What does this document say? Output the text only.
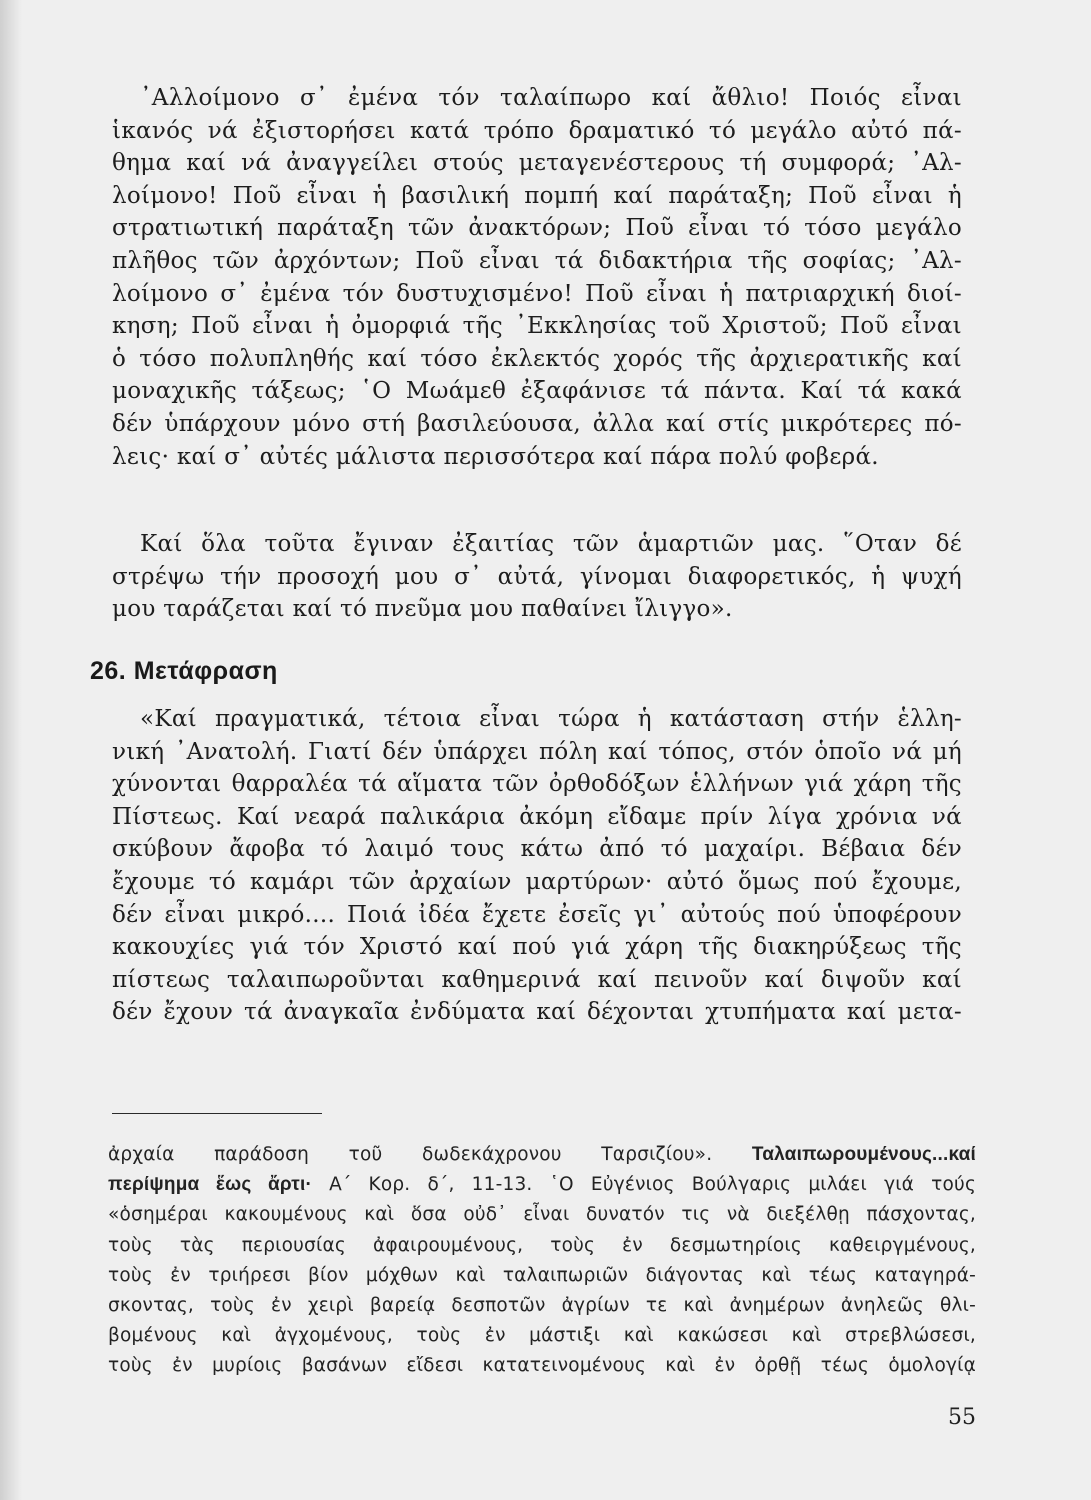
᾿Αλλοίμονο σ᾿ ἐμένα τόν ταλαίπωρο καί ἄθλιο! Ποιός εἶναι
ἱκανός νά ἐξιστορήσει κατά τρόπο δραματικό τό μεγάλο αὐτό πά-
θημα καί νά ἀναγγείλει στούς μεταγενέστερους τή συμφορά; ᾿Αλ-
λοίμονο! Ποῦ εἶναι ἡ βασιλική πομπή καί παράταξη; Ποῦ εἶναι ἡ
στρατιωτική παράταξη τῶν ἀνακτόρων; Ποῦ εἶναι τό τόσο μεγάλο
πλῆθος τῶν ἀρχόντων; Ποῦ εἶναι τά διδακτήρια τῆς σοφίας; ᾿Αλ-
λοίμονο σ᾿ ἐμένα τόν δυστυχισμένο! Ποῦ εἶναι ἡ πατριαρχική διοί-
κηση; Ποῦ εἶναι ἡ ὀμορφιά τῆς ᾿Εκκλησίας τοῦ Χριστοῦ; Ποῦ εἶναι
ὁ τόσο πολυπληθής καί τόσο ἐκλεκτός χορός τῆς ἀρχιερατικῆς καί
μοναχικῆς τάξεως; ῾Ο Μωάμεθ ἐξαφάνισε τά πάντα. Καί τά κακά
δέν ὑπάρχουν μόνο στή βασιλεύουσα, ἀλλα καί στίς μικρότερες πό-
λεις· καί σ᾿ αὐτές μάλιστα περισσότερα καί πάρα πολύ φοβερά.
Καί ὅλα τοῦτα ἔγιναν ἐξαιτίας τῶν ἁμαρτιῶν μας. ῞Οταν δέ
στρέψω τήν προσοχή μου σ᾿ αὐτά, γίνομαι διαφορετικός, ἡ ψυχή
μου ταράζεται καί τό πνεῦμα μου παθαίνει ἴλιγγο».
26. Μετάφραση
«Καί πραγματικά, τέτοια εἶναι τώρα ἡ κατάσταση στήν ἑλλη-
νική ᾿Ανατολή. Γιατί δέν ὑπάρχει πόλη καί τόπος, στόν ὁποῖο νά μή
χύνονται θαρραλέα τά αἵματα τῶν ὀρθοδόξων ἑλλήνων γιά χάρη τῆς
Πίστεως. Καί νεαρά παλικάρια ἀκόμη εἴδαμε πρίν λίγα χρόνια νά
σκύβουν ἄφοβα τό λαιμό τους κάτω ἀπό τό μαχαίρι. Βέβαια δέν
ἔχουμε τό καμάρι τῶν ἀρχαίων μαρτύρων· αὐτό ὅμως πού ἔχουμε,
δέν εἶναι μικρό.... Ποιά ἰδέα ἔχετε ἐσεῖς γι᾿ αὐτούς πού ὑποφέρουν
κακουχίες γιά τόν Χριστό καί πού γιά χάρη τῆς διακηρύξεως τῆς
πίστεως ταλαιπωροῦνται καθημερινά καί πεινοῦν καί διψοῦν καί
δέν ἔχουν τά ἀναγκαῖα ἐνδύματα καί δέχονται χτυπήματα καί μετα-
ἀρχαία παράδοση τοῦ δωδεκάχρονου Ταρσιζίου». Ταλαιπωρουμένους...καί
περίψημα ἕως ἄρτι· Α΄ Κορ. δ΄, 11-13. ῾Ο Εὐγένιος Βούλγαρις μιλάει γιά τούς
«ὁσημέραι κακουμένους καὶ ὅσα οὐδ᾿ εἶναι δυνατόν τις νὰ διεξέλθῃ πάσχοντας,
τοὺς τὰς περιουσίας ἀφαιρουμένους, τοὺς ἐν δεσμωτηρίοις καθειργμένους,
τοὺς ἐν τριήρεσι βίον μόχθων καὶ ταλαιπωριῶν διάγοντας καὶ τέως καταγηρά-
σκοντας, τοὺς ἐν χειρὶ βαρείᾳ δεσποτῶν ἀγρίων τε καὶ ἀνημέρων ἀνηλεῶς θλι-
βομένους καὶ ἀγχομένους, τοὺς ἐν μάστιξι καὶ κακώσεσι καὶ στρεβλώσεσι,
τοὺς ἐν μυρίοις βασάνων εἴδεσι κατατεινομένους καὶ ἐν ὀρθῇ τέως ὁμολογίᾳ
55
